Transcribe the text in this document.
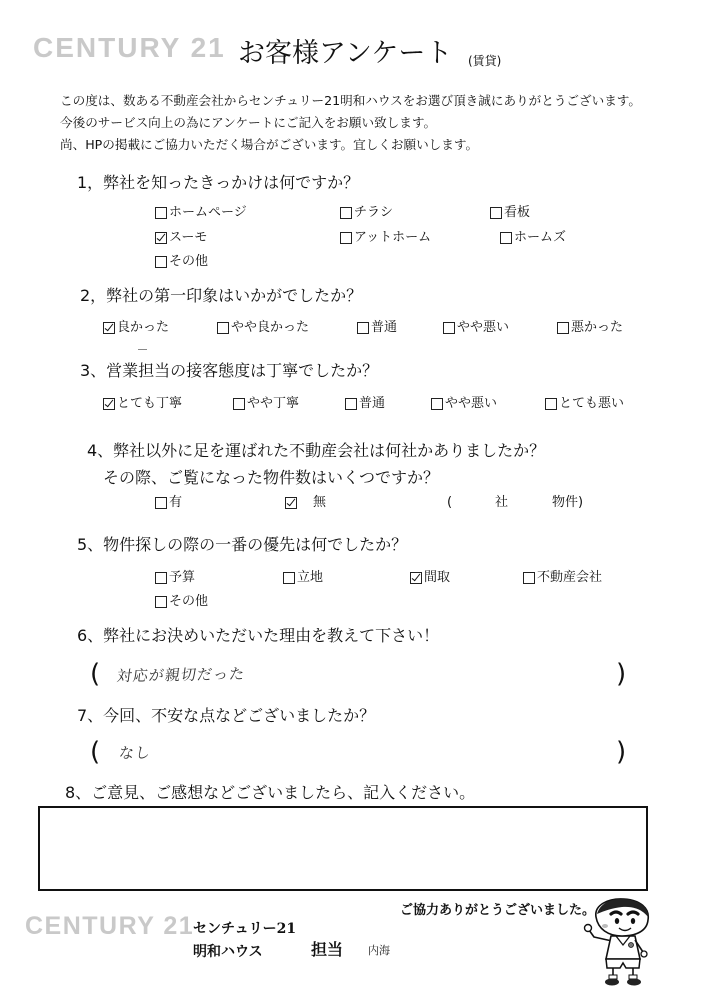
CENTURY 21 お客様アンケート (賃貸)
この度は、数ある不動産会社からセンチュリー21明和ハウスをお選び頂き誠にありがとうございます。
今後のサービス向上の為にアンケートにご記入をお願い致します。
尚、HPの掲載にご協力いただく場合がございます。宜しくお願いします。
1，弊社を知ったきっかけは何ですか？
ホームページ	チラシ	看板
スーモ	アットホーム	ホームズ
その他
2，弊社の第一印象はいかがでしたか？
良かった	やや良かった	普通	やや悪い	悪かった
3、営業担当の接客態度は丁寧でしたか？
とても丁寧	やや丁寧	普通	やや悪い	とても悪い
4、弊社以外に足を運ばれた不動産会社は何社かありましたか？
その際、ご覧になった物件数はいくつですか？
有	無	(	社	物件)
5、物件探しの際の一番の優先は何でしたか？
予算	立地	間取	不動産会社
その他
6、弊社にお決めいただいた理由を教えて下さい！
( 対応が親切だった	)
7、今回、不安な点などございましたか？
( なし	)
8、ご意見、ご感想などございましたら、記入ください。
ご協力ありがとうございました。
CENTURY 21
センチュリー21
明和ハウス	担当 内海
